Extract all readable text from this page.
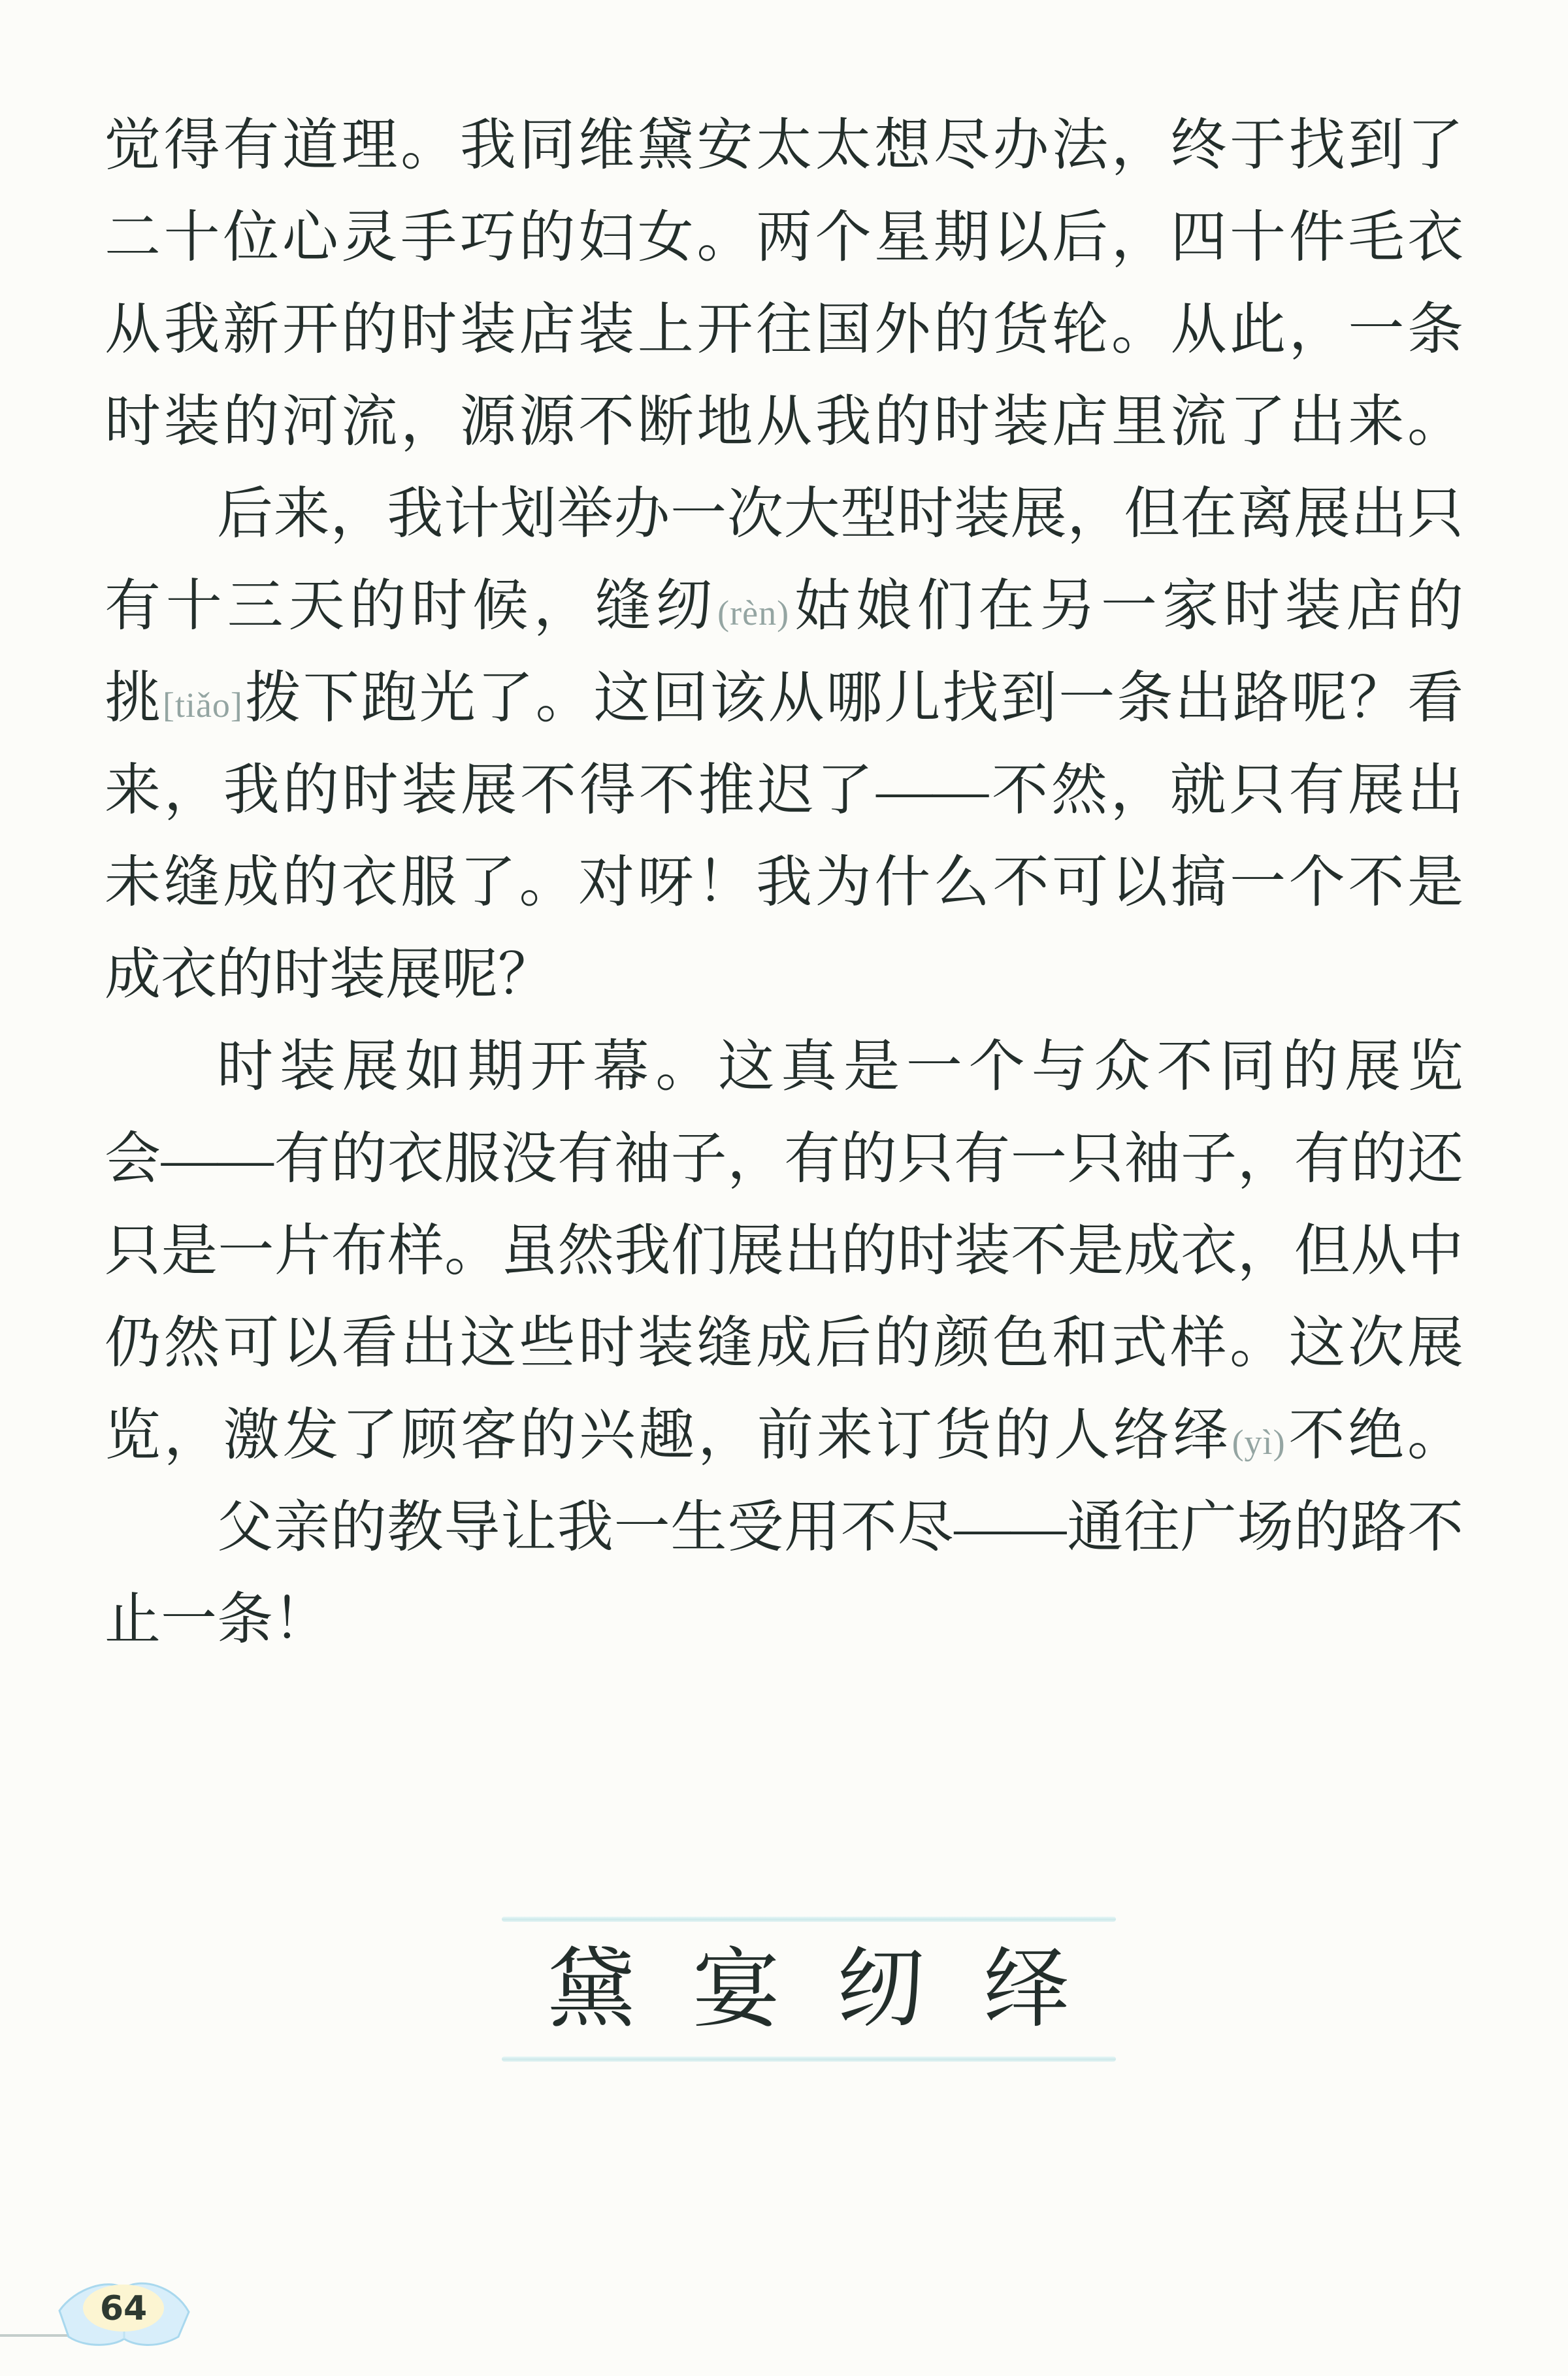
觉得有道理。我同维黛安太太想尽办法，终于找到了
二十位心灵手巧的妇女。两个星期以后，四十件毛衣
从我新开的时装店装上开往国外的货轮。从此，一条
时装的河流，源源不断地从我的时装店里流了出来。
后来，我计划举办一次大型时装展，但在离展出只
有十三天的时候，缝纫(rèn)姑娘们在另一家时装店的
挑[tiǎo]拨下跑光了。这回该从哪儿找到一条出路呢？看
来，我的时装展不得不推迟了——不然，就只有展出
未缝成的衣服了。对呀！我为什么不可以搞一个不是
成衣的时装展呢？
时装展如期开幕。这真是一个与众不同的展览
会——有的衣服没有袖子，有的只有一只袖子，有的还
只是一片布样。虽然我们展出的时装不是成衣，但从中
仍然可以看出这些时装缝成后的颜色和式样。这次展
览，激发了顾客的兴趣，前来订货的人络绎(yì)不绝。
父亲的教导让我一生受用不尽——通往广场的路不
止一条！
黛 宴 纫 绎
64
